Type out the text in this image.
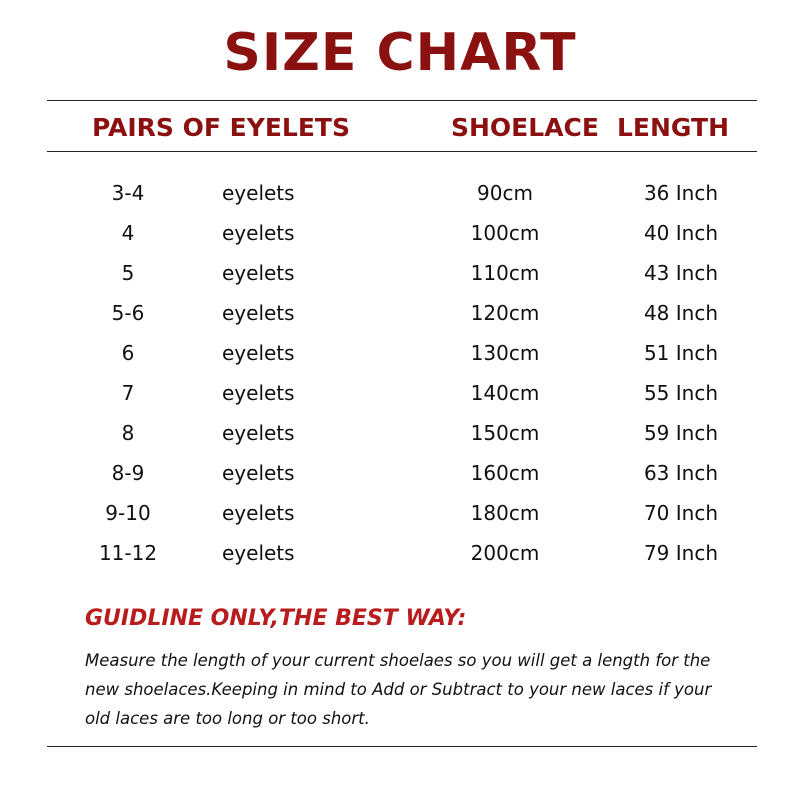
SIZE CHART
PAIRS OF EYELETS	SHOELACE LENGTH
3-4	eyelets	90cm	36 Inch
4	eyelets	100cm	40 Inch
5	eyelets	110cm	43 Inch
5-6	eyelets	120cm	48 Inch
6	eyelets	130cm	51 Inch
7	eyelets	140cm	55 Inch
8	eyelets	150cm	59 Inch
8-9	eyelets	160cm	63 Inch
9-10	eyelets	180cm	70 Inch
11-12	eyelets	200cm	79 Inch
GUIDLINE ONLY,THE BEST WAY:
Measure the length of your current shoelaes so you will get a length for the
new shoelaces.Keeping in mind to Add or Subtract to your new laces if your
old laces are too long or too short.
